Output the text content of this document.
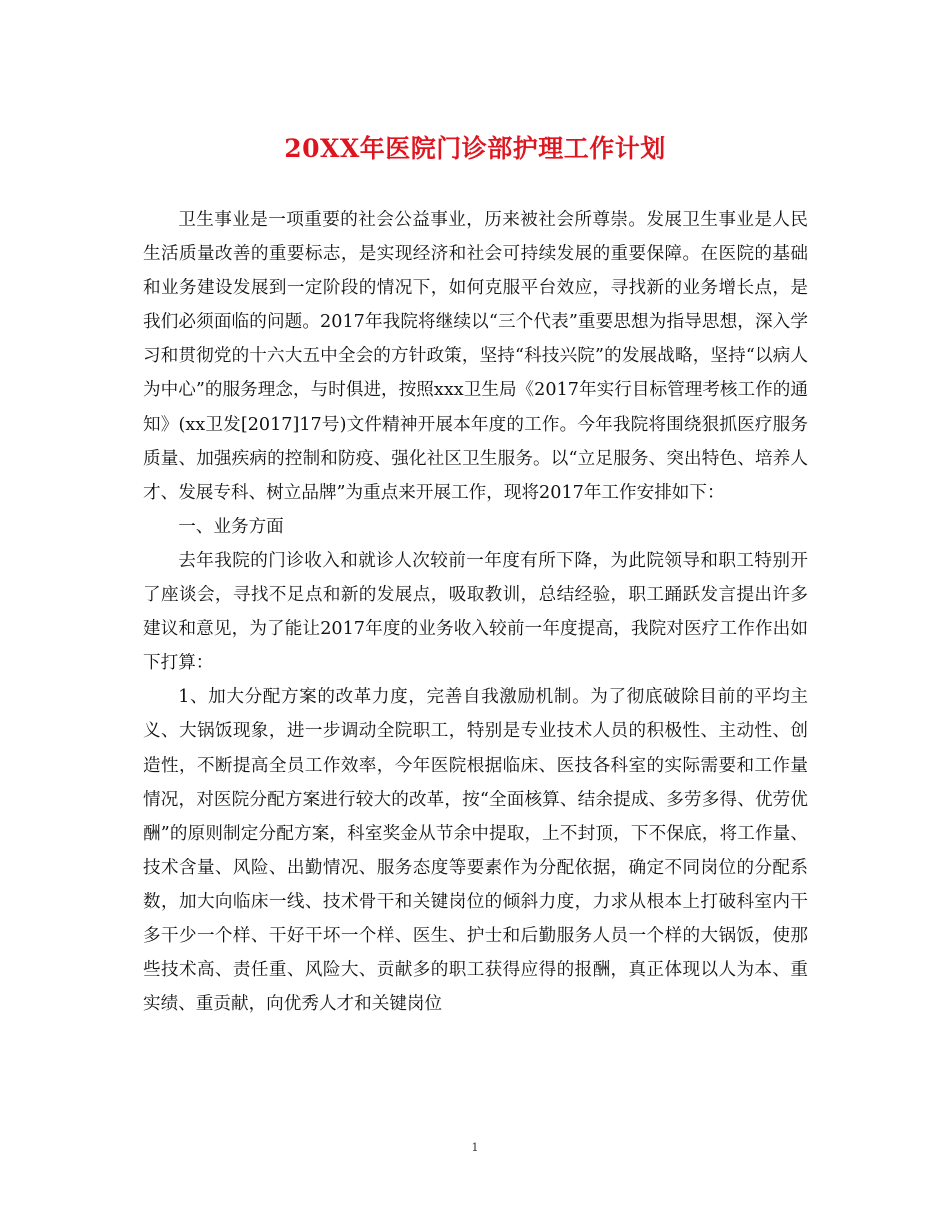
20XX年医院门诊部护理工作计划

卫生事业是一项重要的社会公益事业，历来被社会所尊崇。发展卫生事业是人民生活质量改善的重要标志，是实现经济和社会可持续发展的重要保障。在医院的基础和业务建设发展到一定阶段的情况下，如何克服平台效应，寻找新的业务增长点，是我们必须面临的问题。2017年我院将继续以“三个代表”重要思想为指导思想，深入学习和贯彻党的十六大五中全会的方针政策，坚持“科技兴院”的发展战略，坚持“以病人为中心”的服务理念，与时俱进，按照xxx卫生局《2017年实行目标管理考核工作的通知》(xx卫发[2017]17号)文件精神开展本年度的工作。今年我院将围绕狠抓医疗服务质量、加强疾病的控制和防疫、强化社区卫生服务。以“立足服务、突出特色、培养人才、发展专科、树立品牌”为重点来开展工作，现将2017年工作安排如下：

一、业务方面

去年我院的门诊收入和就诊人次较前一年度有所下降，为此院领导和职工特别开了座谈会，寻找不足点和新的发展点，吸取教训，总结经验，职工踊跃发言提出许多建议和意见，为了能让2017年度的业务收入较前一年度提高，我院对医疗工作作出如下打算：

1、加大分配方案的改革力度，完善自我激励机制。为了彻底破除目前的平均主义、大锅饭现象，进一步调动全院职工，特别是专业技术人员的积极性、主动性、创造性，不断提高全员工作效率，今年医院根据临床、医技各科室的实际需要和工作量情况，对医院分配方案进行较大的改革，按“全面核算、结余提成、多劳多得、优劳优酬”的原则制定分配方案，科室奖金从节余中提取，上不封顶，下不保底，将工作量、技术含量、风险、出勤情况、服务态度等要素作为分配依据，确定不同岗位的分配系数，加大向临床一线、技术骨干和关键岗位的倾斜力度，力求从根本上打破科室内干多干少一个样、干好干坏一个样、医生、护士和后勤服务人员一个样的大锅饭，使那些技术高、责任重、风险大、贡献多的职工获得应得的报酬，真正体现以人为本、重实绩、重贡献，向优秀人才和关键岗位

1
